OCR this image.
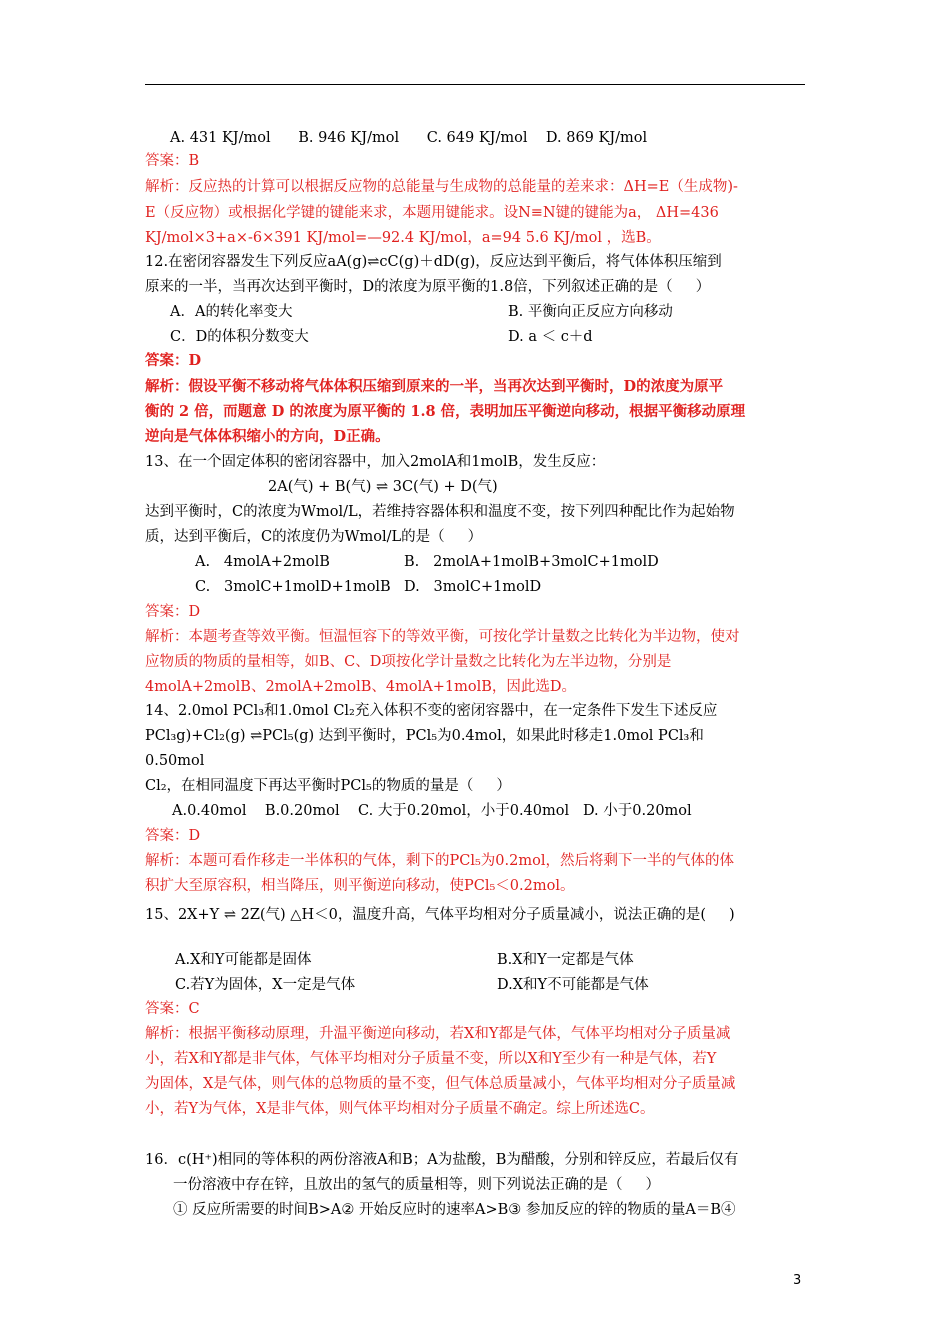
A. 431 KJ/mol      B. 946 KJ/mol      C. 649 KJ/mol    D. 869 KJ/mol
答案：B
解析：反应热的计算可以根据反应物的总能量与生成物的总能量的差来求：ΔH=E（生成物)-
E（反应物）或根据化学键的键能来求，本题用键能求。设N≡N键的键能为a， ΔH=436
KJ/mol×3+a×-6×391 KJ/mol=—92.4 KJ/mol，a=94 5.6 KJ/mol ，选B。
12.在密闭容器发生下列反应aA(g)⇌cC(g)＋dD(g)，反应达到平衡后，将气体体积压缩到
原来的一半，当再次达到平衡时，D的浓度为原平衡的1.8倍，下列叙述正确的是（     ）
A．A的转化率变大	B. 平衡向正反应方向移动
C．D的体积分数变大	D. a ＜ c＋d
答案：D
解析：假设平衡不移动将气体体积压缩到原来的一半，当再次达到平衡时，D的浓度为原平
衡的 2 倍，而题意 D 的浓度为原平衡的 1.8 倍，表明加压平衡逆向移动，根据平衡移动原理
逆向是气体体积缩小的方向，D正确。
13、在一个固定体积的密闭容器中，加入2molA和1molB，发生反应：
2A(气) + B(气) ⇌ 3C(气) + D(气)
达到平衡时，C的浓度为Wmol/L，若维持容器体积和温度不变，按下列四种配比作为起始物
质，达到平衡后，C的浓度仍为Wmol/L的是（     ）
A.   4molA+2molB	B.   2molA+1molB+3molC+1molD
C.   3molC+1molD+1molB D.   3molC+1molD
答案：D
解析：本题考查等效平衡。恒温恒容下的等效平衡，可按化学计量数之比转化为半边物，使对
应物质的物质的量相等，如B、C、D项按化学计量数之比转化为左半边物，分别是
4molA+2molB、2molA+2molB、4molA+1molB，因此选D。
14、2.0mol PCl₃和1.0mol Cl₂充入体积不变的密闭容器中，在一定条件下发生下述反应
PCl₃g)+Cl₂(g) ⇌PCl₅(g) 达到平衡时，PCl₅为0.4mol，如果此时移走1.0mol PCl₃和
0.50mol
Cl₂，在相同温度下再达平衡时PCl₅的物质的量是（     ）
A.0.40mol    B.0.20mol    C. 大于0.20mol，小于0.40mol   D. 小于0.20mol
答案：D
解析：本题可看作移走一半体积的气体，剩下的PCl₅为0.2mol，然后将剩下一半的气体的体
积扩大至原容积，相当降压，则平衡逆向移动，使PCl₅＜0.2mol。
15、2X+Y ⇌ 2Z(气) △H＜0，温度升高，气体平均相对分子质量减小，说法正确的是(     )
A.X和Y可能都是固体	B.X和Y一定都是气体
C.若Y为固体，X一定是气体	D.X和Y不可能都是气体
答案：C
解析：根据平衡移动原理，升温平衡逆向移动，若X和Y都是气体，气体平均相对分子质量减
小，若X和Y都是非气体，气体平均相对分子质量不变，所以X和Y至少有一种是气体，若Y
为固体，X是气体，则气体的总物质的量不变，但气体总质量减小，气体平均相对分子质量减
小，若Y为气体，X是非气体，则气体平均相对分子质量不确定。综上所述选C。
16．c(H⁺)相同的等体积的两份溶液A和B；A为盐酸，B为醋酸，分别和锌反应，若最后仅有
一份溶液中存在锌，且放出的氢气的质量相等，则下列说法正确的是（     ）
① 反应所需要的时间B>A② 开始反应时的速率A>B③ 参加反应的锌的物质的量A＝B④
3
